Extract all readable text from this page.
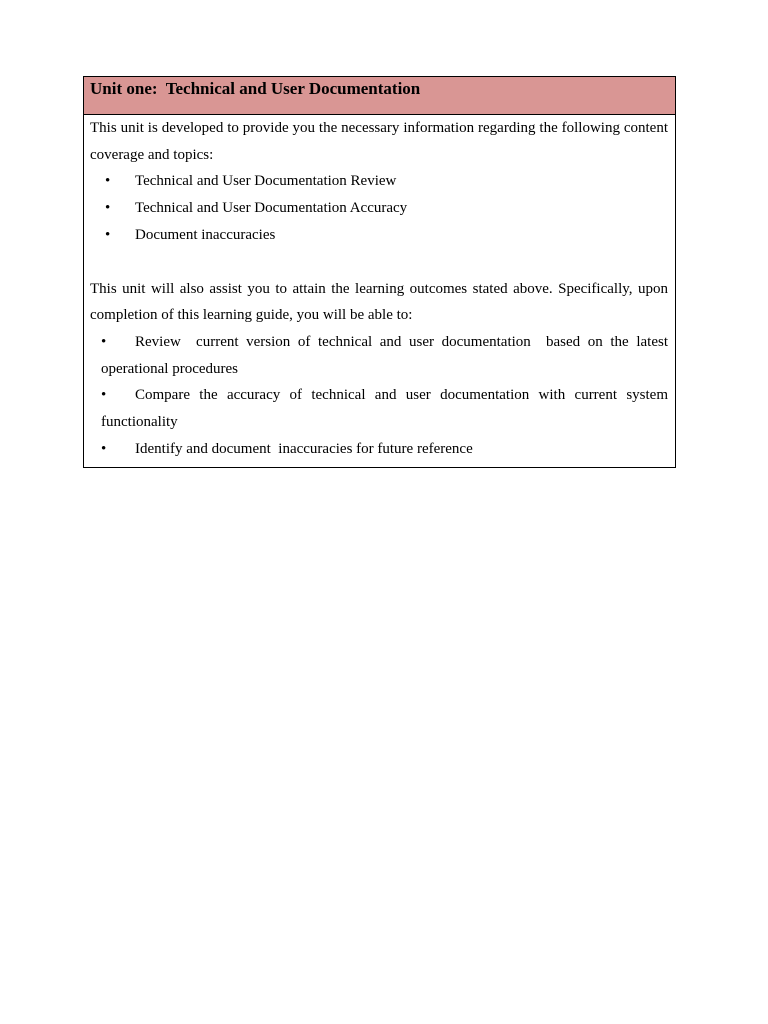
Unit one:  Technical and User Documentation

This unit is developed to provide you the necessary information regarding the following content coverage and topics:

• Technical and User Documentation Review
• Technical and User Documentation Accuracy
• Document inaccuracies

This unit will also assist you to attain the learning outcomes stated above. Specifically, upon completion of this learning guide, you will be able to:

• Review  current version of technical and user documentation  based on the latest operational procedures
• Compare the accuracy of technical and user documentation with current system functionality
• Identify and document  inaccuracies for future reference
